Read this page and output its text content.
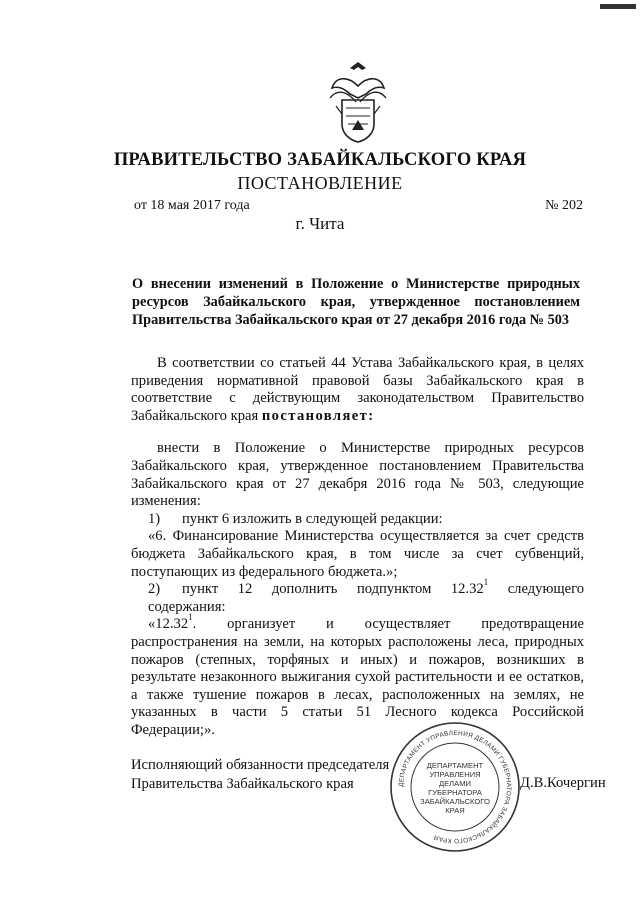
ПРАВИТЕЛЬСТВО ЗАБАЙКАЛЬСКОГО КРАЯ
ПОСТАНОВЛЕНИЕ
от 18 мая 2017 года	№ 202
г. Чита
О внесении изменений в Положение о Министерстве природных ресурсов Забайкальского края, утвержденное постановлением Правительства Забайкальского края от 27 декабря 2016 года № 503

В соответствии со статьей 44 Устава Забайкальского края, в целях приведения нормативной правовой базы Забайкальского края в соответствие с действующим законодательством Правительство Забайкальского края постановляет:

внести в Положение о Министерстве природных ресурсов Забайкальского края, утвержденное постановлением Правительства Забайкальского края от 27 декабря 2016 года № 503, следующие изменения:

1) пункт 6 изложить в следующей редакции:

«6. Финансирование Министерства осуществляется за счет средств бюджета Забайкальского края, в том числе за счет субвенций, поступающих из федерального бюджета.»;

2) пункт 12 дополнить подпунктом 12.32$^1$ следующего содержания:

«12.32$^1$. организует и осуществляет предотвращение распространения на земли, на которых расположены леса, природных пожаров (степных, торфяных и иных) и пожаров, возникших в результате незаконного выжигания сухой растительности и ее остатков, а также тушение пожаров в лесах, расположенных на землях, не указанных в части 5 статьи 51 Лесного кодекса Российской Федерации;».

Исполняющий обязанности председателя
Правительства Забайкальского края	ДЕПАРТАМЕНТ УПРАВЛЕНИЯ ДЕЛАМИ ГУБЕРНАТОРА ЗАБАЙКАЛЬСКОГО КРАЯ
ДЕПАРТАМЕНТ
УПРАВЛЕНИЯ
ДЕЛАМИ
ГУБЕРНАТОРА
ЗАБАЙКАЛЬСКОГО
КРАЯ
Д.В.Кочергин
